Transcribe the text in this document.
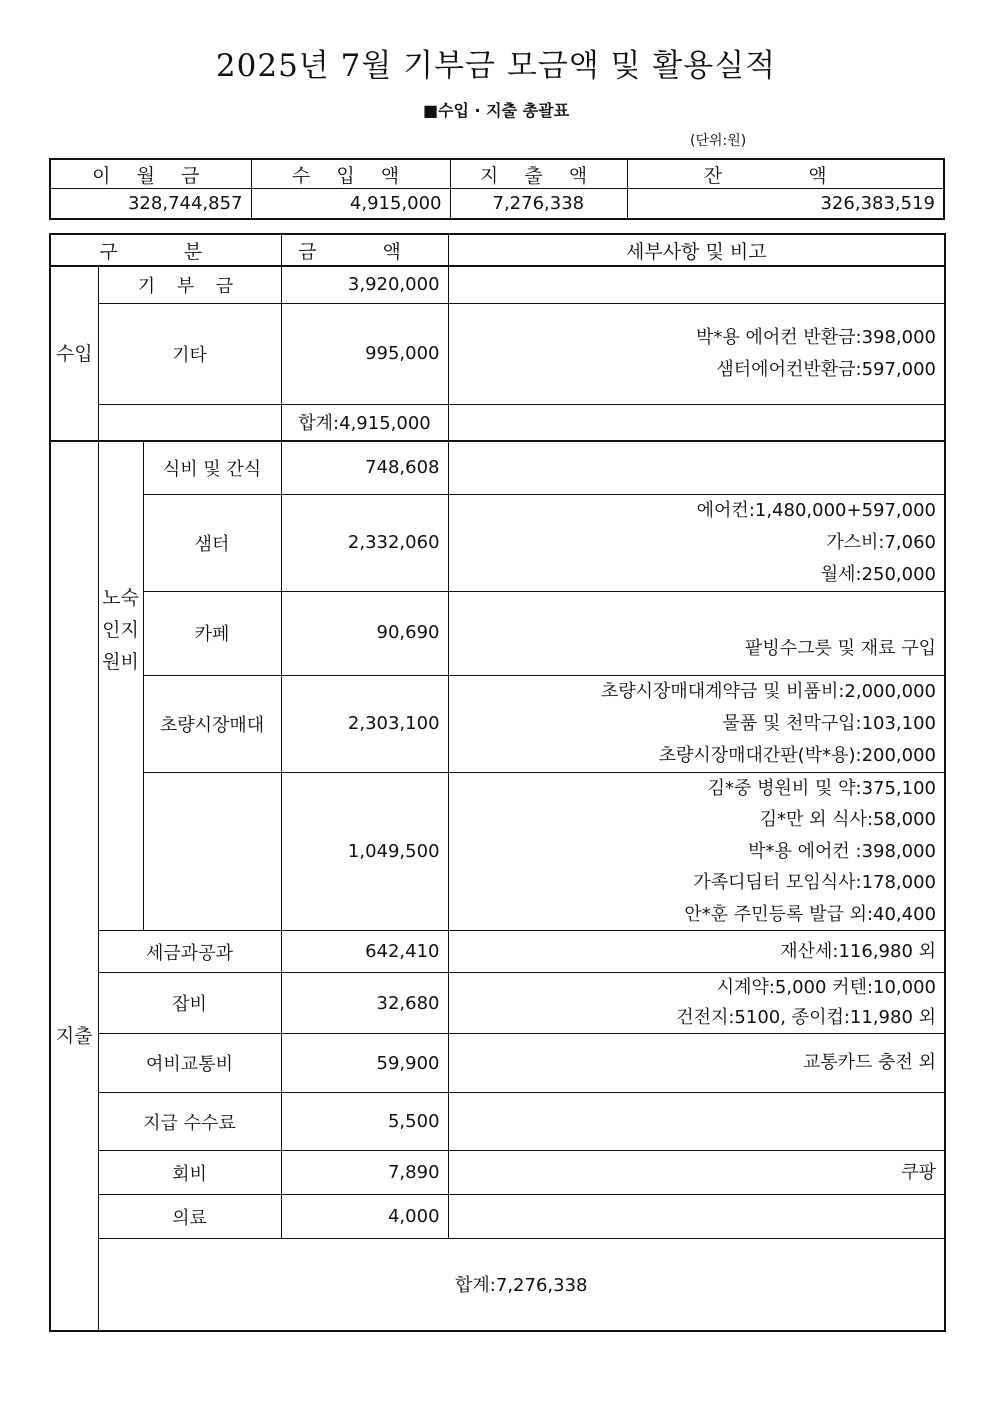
2025년 7월 기부금 모금액 및 활용실적
■수입 · 지출 총괄표
(단위:원)
이 월 금	수 입 액	지 출 액	잔 액
328,744,857	4,915,000	7,276,338	326,383,519
구 분			금 액	세부사항 및 비고
수입	기 부 금		3,920,000	
	기타		995,000	박*용 에어컨 반환금:398,000
샘터에어컨반환금:597,000

			합계:4,915,000	
지출	노숙인지원비	식비 및 간식	748,608	
		샘터	2,332,060	에어컨:1,480,000+597,000
가스비:7,060
월세:250,000

		카페	90,690	팥빙수그릇 및 재료 구입

		초량시장매대	2,303,100	초량시장매대계약금 및 비품비:2,000,000
물품 및 천막구입:103,100
초량시장매대간판(박*용):200,000

			1,049,500	김*중 병원비 및 약:375,100
김*만 외 식사:58,000
박*용 에어컨 :398,000
가족디딤터 모임식사:178,000
안*훈 주민등록 발급 외:40,400

	세금과공과		642,410	재산세:116,980 외

	잡비		32,680	시계약:5,000 커텐:10,000
건전지:5100, 종이컵:11,980 외

	여비교통비		59,900	교통카드 충전 외

	지급 수수료		5,500	
	회비		7,890	쿠팡

	의료		4,000	
	합계:7,276,338			
